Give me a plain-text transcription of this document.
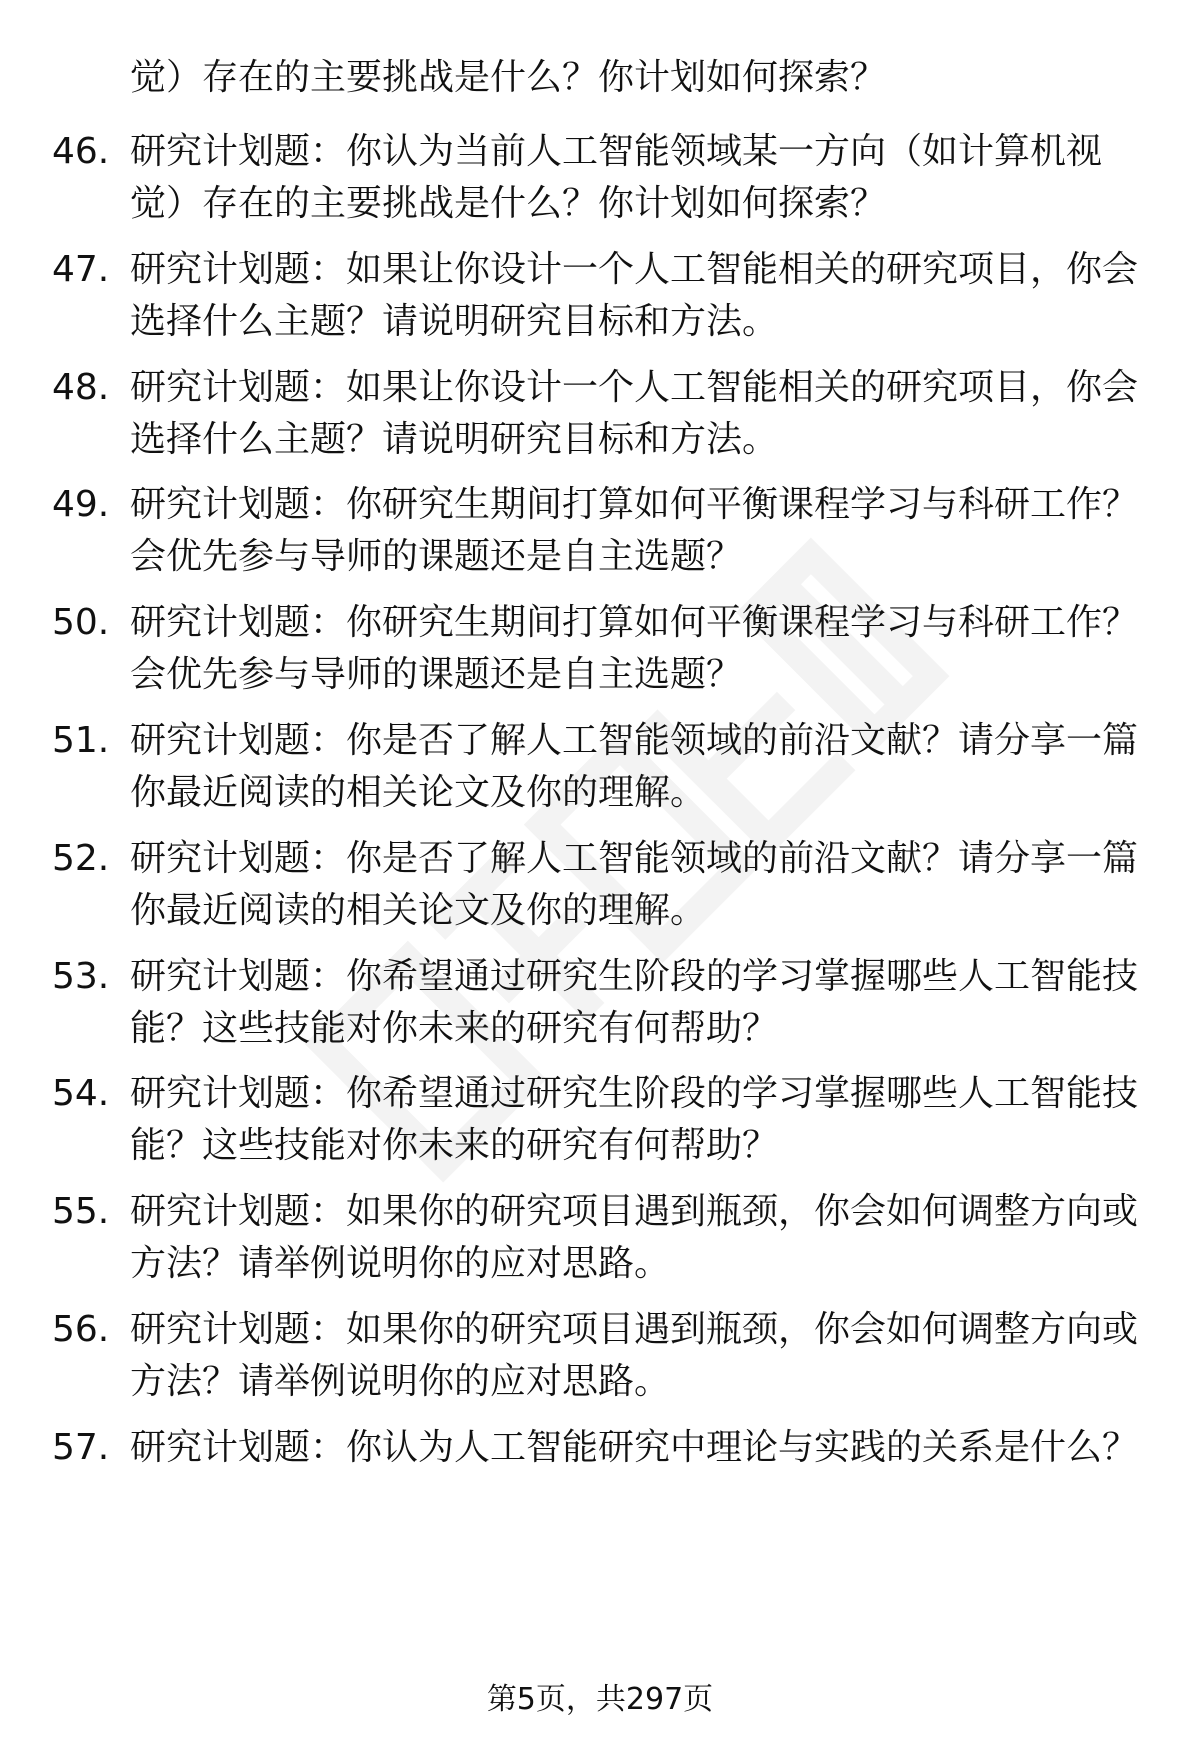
觉）存在的主要挑战是什么？你计划如何探索？
46. 研究计划题：你认为当前人工智能领域某一方向（如计算机视
觉）存在的主要挑战是什么？你计划如何探索？
47. 研究计划题：如果让你设计一个人工智能相关的研究项目，你会
选择什么主题？请说明研究目标和方法。
48. 研究计划题：如果让你设计一个人工智能相关的研究项目，你会
选择什么主题？请说明研究目标和方法。
49. 研究计划题：你研究生期间打算如何平衡课程学习与科研工作？
会优先参与导师的课题还是自主选题？
50. 研究计划题：你研究生期间打算如何平衡课程学习与科研工作？
会优先参与导师的课题还是自主选题？
51. 研究计划题：你是否了解人工智能领域的前沿文献？请分享一篇
你最近阅读的相关论文及你的理解。
52. 研究计划题：你是否了解人工智能领域的前沿文献？请分享一篇
你最近阅读的相关论文及你的理解。
53. 研究计划题：你希望通过研究生阶段的学习掌握哪些人工智能技
能？这些技能对你未来的研究有何帮助？
54. 研究计划题：你希望通过研究生阶段的学习掌握哪些人工智能技
能？这些技能对你未来的研究有何帮助？
55. 研究计划题：如果你的研究项目遇到瓶颈，你会如何调整方向或
方法？请举例说明你的应对思路。
56. 研究计划题：如果你的研究项目遇到瓶颈，你会如何调整方向或
方法？请举例说明你的应对思路。
57. 研究计划题：你认为人工智能研究中理论与实践的关系是什么？
第5页，共297页
